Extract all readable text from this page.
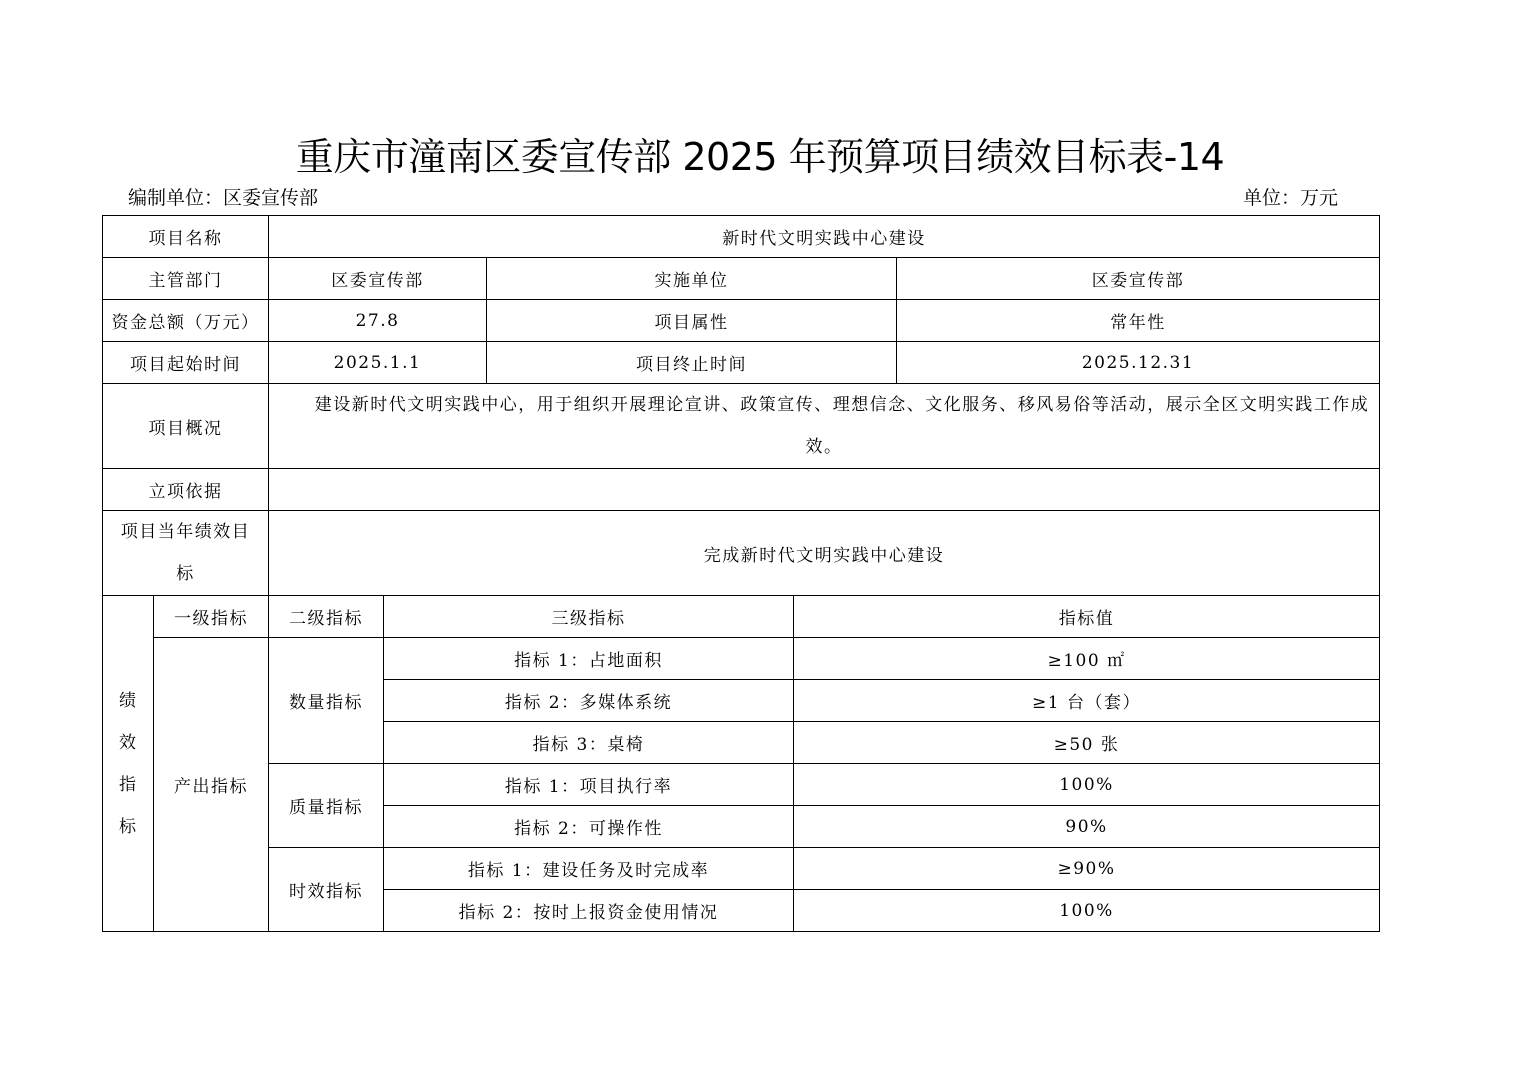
重庆市潼南区委宣传部 2025 年预算项目绩效目标表-14
编制单位：区委宣传部	单位：万元
项目名称		新时代文明实践中心建设				
主管部门		区委宣传部		实施单位		区委宣传部
资金总额（万元）		27.8		项目属性		常年性
项目起始时间		2025.1.1		项目终止时间		2025.12.31
项目概况		建设新时代文明实践中心，用于组织开展理论宣讲、政策宣传、理想信念、文化服务、移风易俗等活动，展示全区文明实践工作成效。				
立项依据						
项目当年绩效目标		完成新时代文明实践中心建设				
绩效指标	一级指标	二级指标	三级指标		指标值	
	产出指标	数量指标	指标 1：占地面积		≥100 ㎡	
			指标 2：多媒体系统		≥1 台（套）	
			指标 3：桌椅		≥50 张	
		质量指标	指标 1：项目执行率		100%	
			指标 2：可操作性		90%	
		时效指标	指标 1：建设任务及时完成率		≥90%	
			指标 2：按时上报资金使用情况		100%	
